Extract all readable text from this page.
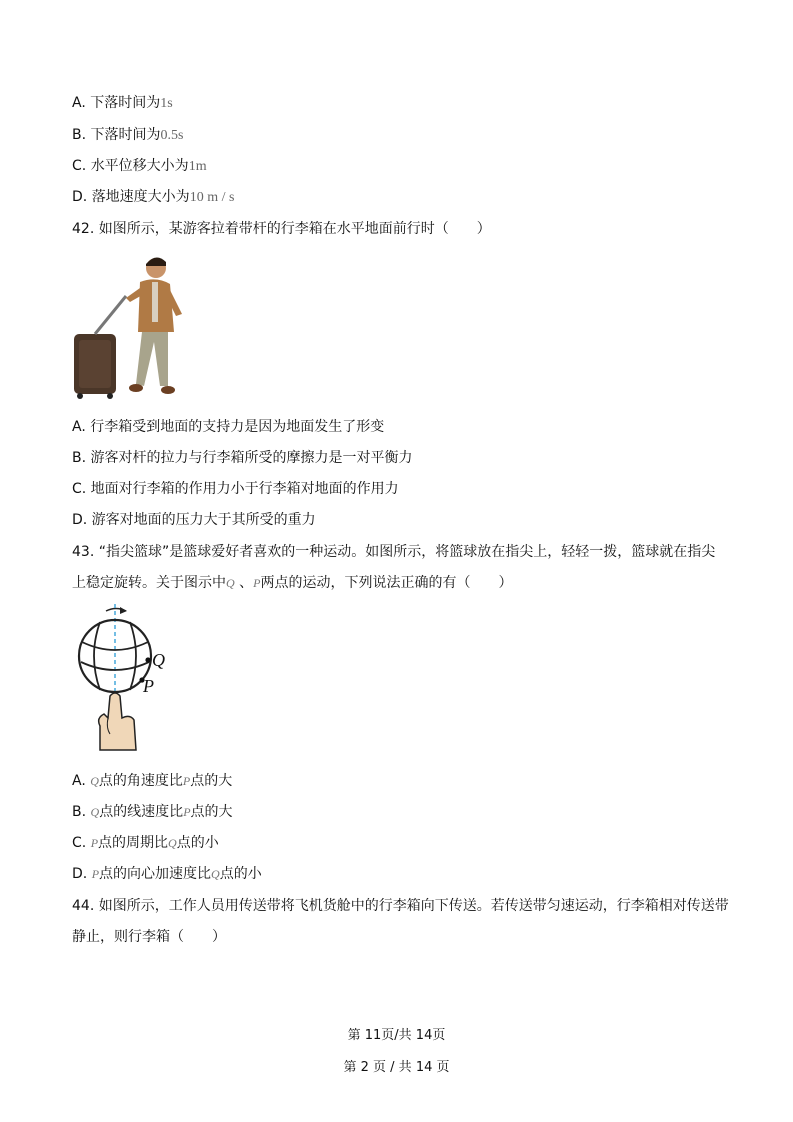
A. 下落时间为1s
B. 下落时间为0.5s
C. 水平位移大小为1m
D. 落地速度大小为10 m / s
42. 如图所示，某游客拉着带杆的行李箱在水平地面前行时（　　）
A. 行李箱受到地面的支持力是因为地面发生了形变
B. 游客对杆的拉力与行李箱所受的摩擦力是一对平衡力
C. 地面对行李箱的作用力小于行李箱对地面的作用力
D. 游客对地面的压力大于其所受的重力
43. “指尖篮球”是篮球爱好者喜欢的一种运动。如图所示，将篮球放在指尖上，轻轻一拨，篮球就在指尖
上稳定旋转。关于图示中Q 、P两点的运动，下列说法正确的有（　　）
Q
P
A. Q点的角速度比P点的大
B. Q点的线速度比P点的大
C. P点的周期比Q点的小
D. P点的向心加速度比Q点的小
44. 如图所示，工作人员用传送带将飞机货舱中的行李箱向下传送。若传送带匀速运动，行李箱相对传送带
静止，则行李箱（　　）
第 11页/共 14页
第 2 页 / 共 14 页
